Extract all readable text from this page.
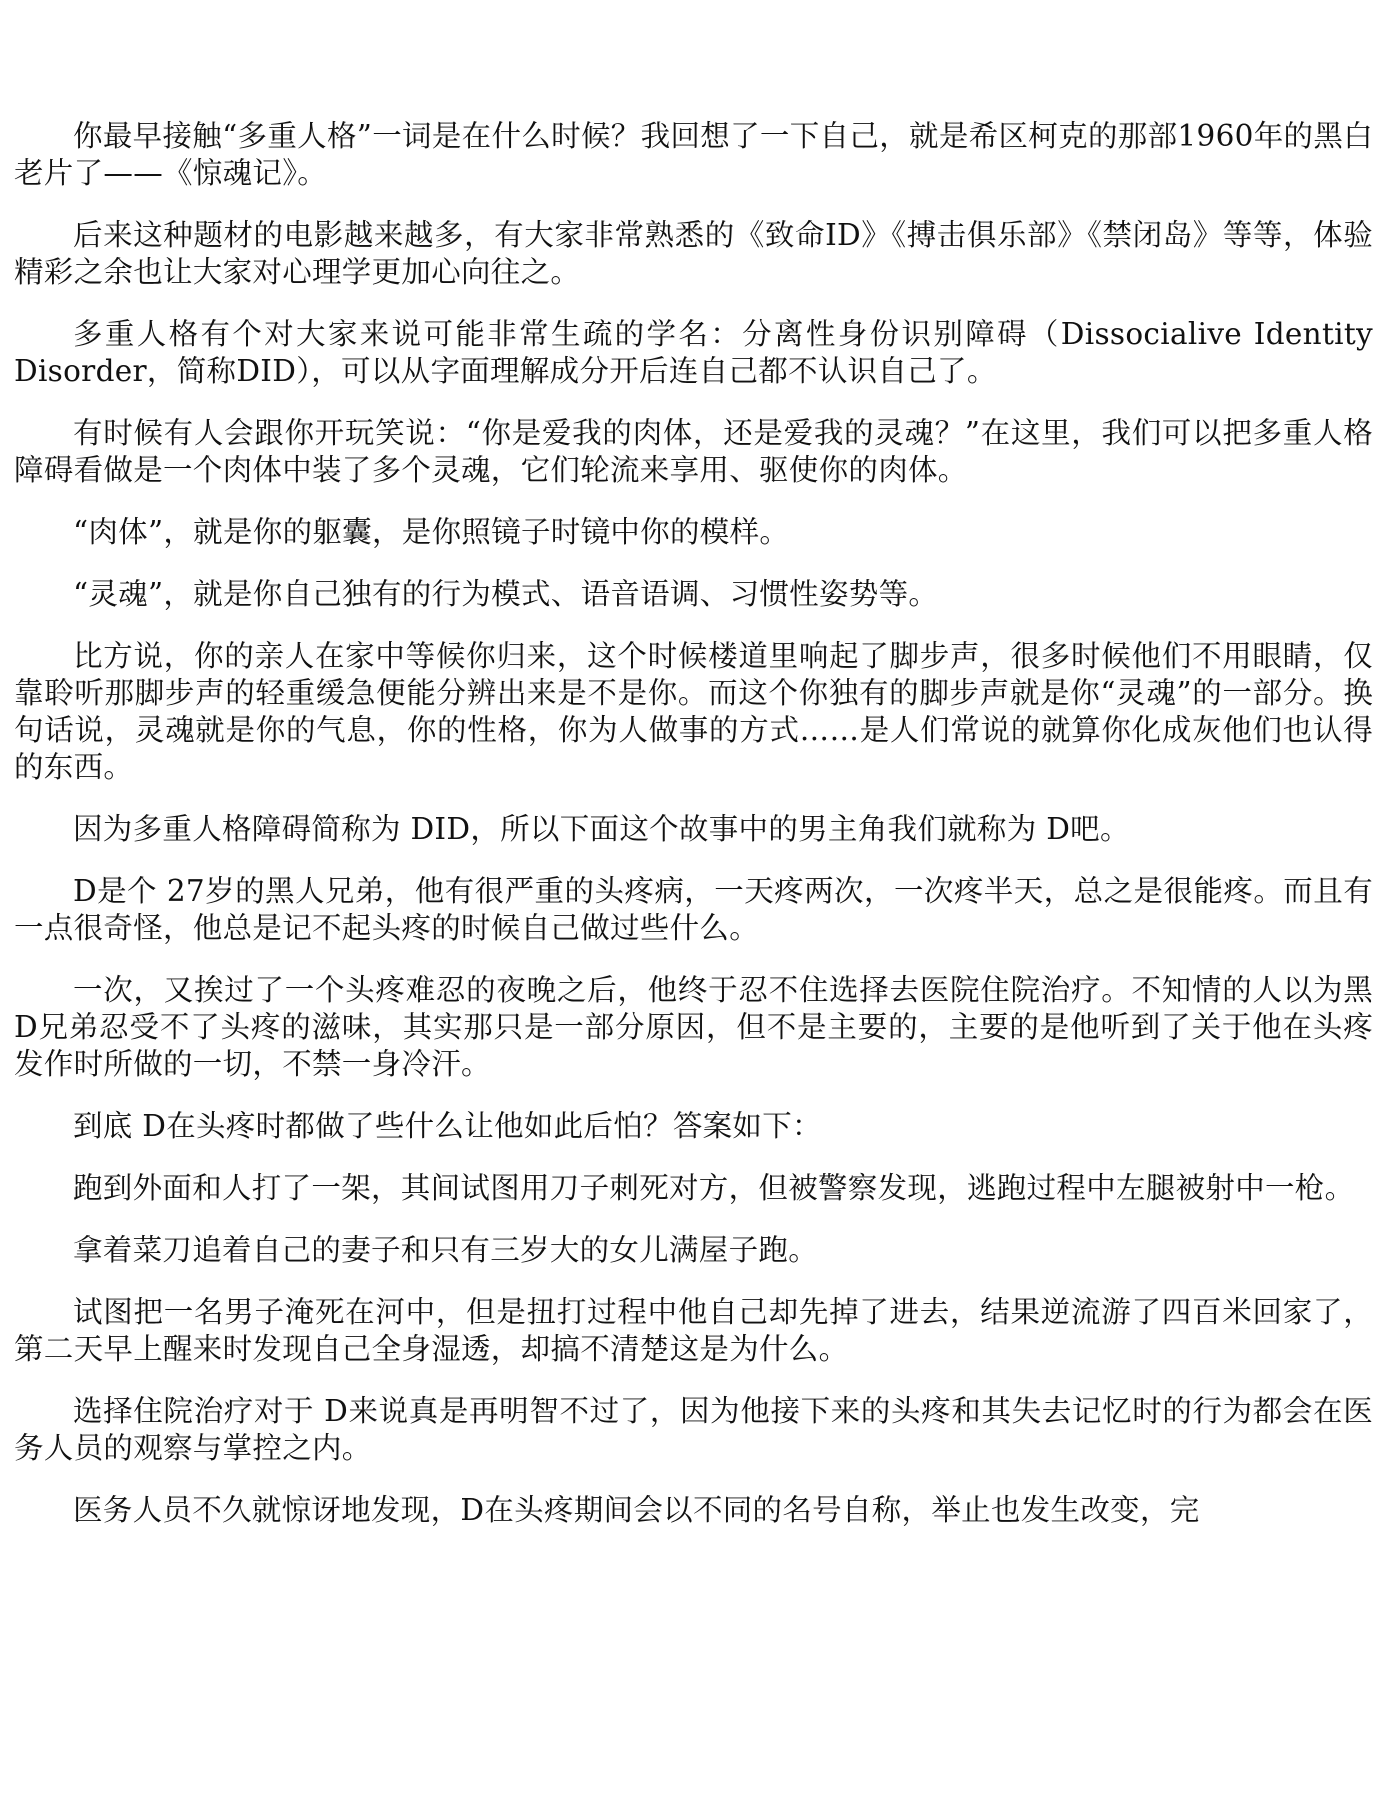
你最早接触“多重人格”一词是在什么时候？我回想了一下自己，就是希区柯克的那部1960年的黑白老片了——《惊魂记》。

后来这种题材的电影越来越多，有大家非常熟悉的《致命ID》《搏击俱乐部》《禁闭岛》等等，体验精彩之余也让大家对心理学更加心向往之。

多重人格有个对大家来说可能非常生疏的学名：分离性身份识别障碍（Dissocialive Identity Disorder，简称DID），可以从字面理解成分开后连自己都不认识自己了。

有时候有人会跟你开玩笑说：“你是爱我的肉体，还是爱我的灵魂？”在这里，我们可以把多重人格障碍看做是一个肉体中装了多个灵魂，它们轮流来享用、驱使你的肉体。

“肉体”，就是你的躯囊，是你照镜子时镜中你的模样。

“灵魂”，就是你自己独有的行为模式、语音语调、习惯性姿势等。

比方说，你的亲人在家中等候你归来，这个时候楼道里响起了脚步声，很多时候他们不用眼睛，仅靠聆听那脚步声的轻重缓急便能分辨出来是不是你。而这个你独有的脚步声就是你“灵魂”的一部分。换句话说，灵魂就是你的气息，你的性格，你为人做事的方式……是人们常说的就算你化成灰他们也认得的东西。

因为多重人格障碍简称为 DID，所以下面这个故事中的男主角我们就称为 D吧。

D是个 27岁的黑人兄弟，他有很严重的头疼病，一天疼两次，一次疼半天，总之是很能疼。而且有一点很奇怪，他总是记不起头疼的时候自己做过些什么。

一次，又挨过了一个头疼难忍的夜晚之后，他终于忍不住选择去医院住院治疗。不知情的人以为黑 D兄弟忍受不了头疼的滋味，其实那只是一部分原因，但不是主要的，主要的是他听到了关于他在头疼发作时所做的一切，不禁一身冷汗。

到底 D在头疼时都做了些什么让他如此后怕？答案如下：

跑到外面和人打了一架，其间试图用刀子刺死对方，但被警察发现，逃跑过程中左腿被射中一枪。

拿着菜刀追着自己的妻子和只有三岁大的女儿满屋子跑。

试图把一名男子淹死在河中，但是扭打过程中他自己却先掉了进去，结果逆流游了四百米回家了，第二天早上醒来时发现自己全身湿透，却搞不清楚这是为什么。

选择住院治疗对于 D来说真是再明智不过了，因为他接下来的头疼和其失去记忆时的行为都会在医务人员的观察与掌控之内。

医务人员不久就惊讶地发现，D在头疼期间会以不同的名号自称，举止也发生改变，完
